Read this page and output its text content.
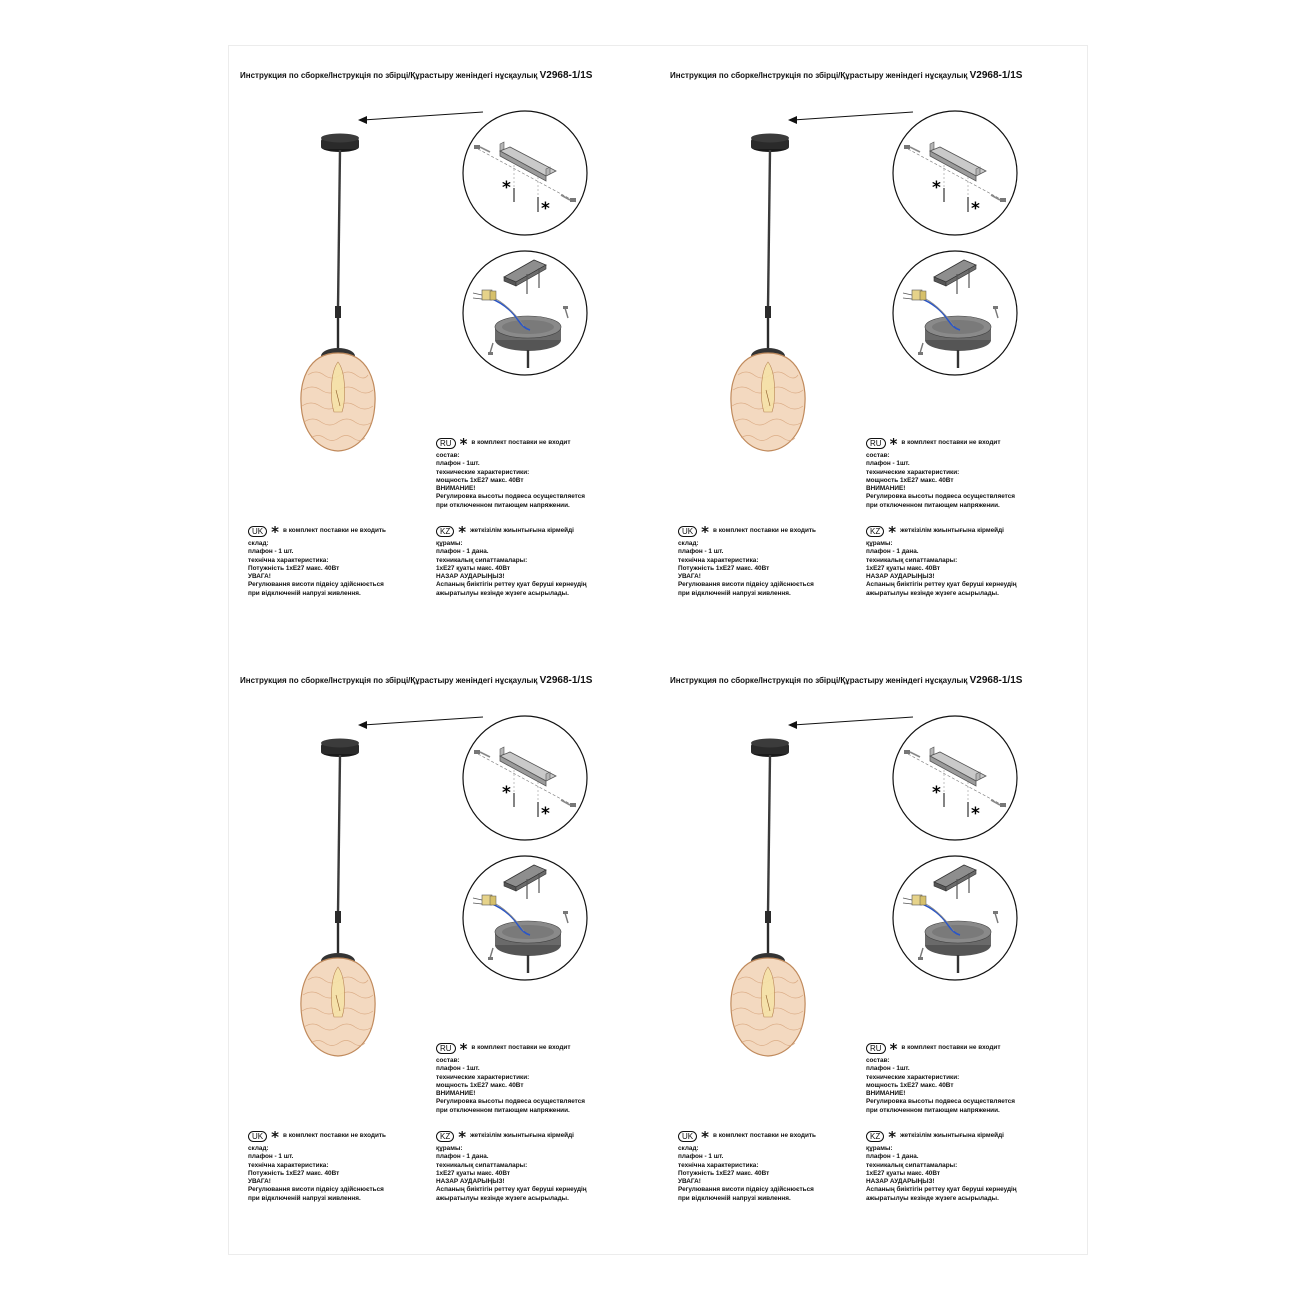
Инструкция по сборке/Інструкція по збірці/Құрастыру женiндегi нұсқаулық V2968-1/1S
*
*
RU * в комплект поставки не входит
состав:
плафон - 1шт.
технические характеристики:
мощность 1хE27 макс. 40Вт
ВНИМАНИЕ!
Регулировка высоты подвеса осуществляется
при отключенном питающем напряжении.
UK * в комплект поставки не входить
склад:
плафон - 1 шт.
технічна характеристика:
Потужність 1хE27 макс. 40Вт
УВАГА!
Регулювання висоти підвісу здійснюється
при відключеній напрузі живлення.
KZ * жеткізілім жиынтығына кірмейді
құрамы:
плафон - 1 дана.
техникалық сипаттамалары:
1хE27 қуаты макс. 40Вт
НАЗАР АУДАРЫҢЫЗ!
Аспаның биіктігін реттеу қуат беруші кернеудің
ажыратылуы кезінде жүзеге асырылады.
Инструкция по сборке/Інструкція по збірці/Құрастыру женiндегi нұсқаулық V2968-1/1S
*
*
RU * в комплект поставки не входит
состав:
плафон - 1шт.
технические характеристики:
мощность 1хE27 макс. 40Вт
ВНИМАНИЕ!
Регулировка высоты подвеса осуществляется
при отключенном питающем напряжении.
UK * в комплект поставки не входить
склад:
плафон - 1 шт.
технічна характеристика:
Потужність 1хE27 макс. 40Вт
УВАГА!
Регулювання висоти підвісу здійснюється
при відключеній напрузі живлення.
KZ * жеткізілім жиынтығына кірмейді
құрамы:
плафон - 1 дана.
техникалық сипаттамалары:
1хE27 қуаты макс. 40Вт
НАЗАР АУДАРЫҢЫЗ!
Аспаның биіктігін реттеу қуат беруші кернеудің
ажыратылуы кезінде жүзеге асырылады.
Инструкция по сборке/Інструкція по збірці/Құрастыру женiндегi нұсқаулық V2968-1/1S
*
*
RU * в комплект поставки не входит
состав:
плафон - 1шт.
технические характеристики:
мощность 1хE27 макс. 40Вт
ВНИМАНИЕ!
Регулировка высоты подвеса осуществляется
при отключенном питающем напряжении.
UK * в комплект поставки не входить
склад:
плафон - 1 шт.
технічна характеристика:
Потужність 1хE27 макс. 40Вт
УВАГА!
Регулювання висоти підвісу здійснюється
при відключеній напрузі живлення.
KZ * жеткізілім жиынтығына кірмейді
құрамы:
плафон - 1 дана.
техникалық сипаттамалары:
1хE27 қуаты макс. 40Вт
НАЗАР АУДАРЫҢЫЗ!
Аспаның биіктігін реттеу қуат беруші кернеудің
ажыратылуы кезінде жүзеге асырылады.
Инструкция по сборке/Інструкція по збірці/Құрастыру женiндегi нұсқаулық V2968-1/1S
*
*
RU * в комплект поставки не входит
состав:
плафон - 1шт.
технические характеристики:
мощность 1хE27 макс. 40Вт
ВНИМАНИЕ!
Регулировка высоты подвеса осуществляется
при отключенном питающем напряжении.
UK * в комплект поставки не входить
склад:
плафон - 1 шт.
технічна характеристика:
Потужність 1хE27 макс. 40Вт
УВАГА!
Регулювання висоти підвісу здійснюється
при відключеній напрузі живлення.
KZ * жеткізілім жиынтығына кірмейді
құрамы:
плафон - 1 дана.
техникалық сипаттамалары:
1хE27 қуаты макс. 40Вт
НАЗАР АУДАРЫҢЫЗ!
Аспаның биіктігін реттеу қуат беруші кернеудің
ажыратылуы кезінде жүзеге асырылады.
